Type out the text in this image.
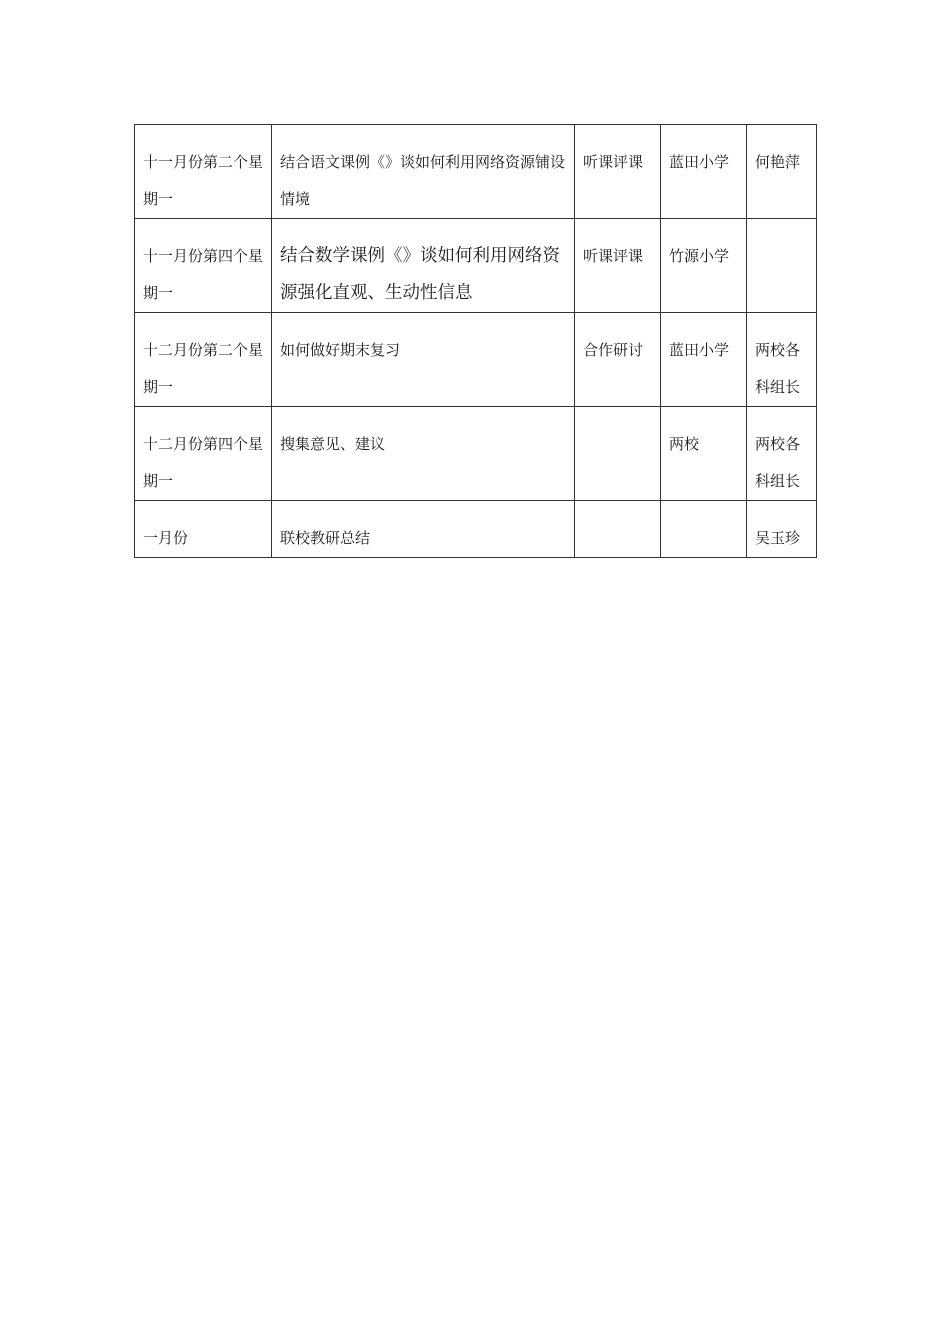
十一月份第二个星期一	结合语文课例《》谈如何利用网络资源铺设情境	听课评课	蓝田小学	何艳萍

十一月份第四个星期一	结合数学课例《》谈如何利用网络资源强化直观、生动性信息	听课评课	竹源小学	

十二月份第二个星期一	如何做好期末复习	合作研讨	蓝田小学	两校各科组长

十二月份第四个星期一	搜集意见、建议		两校	两校各科组长

一月份	联校教研总结			吴玉珍
